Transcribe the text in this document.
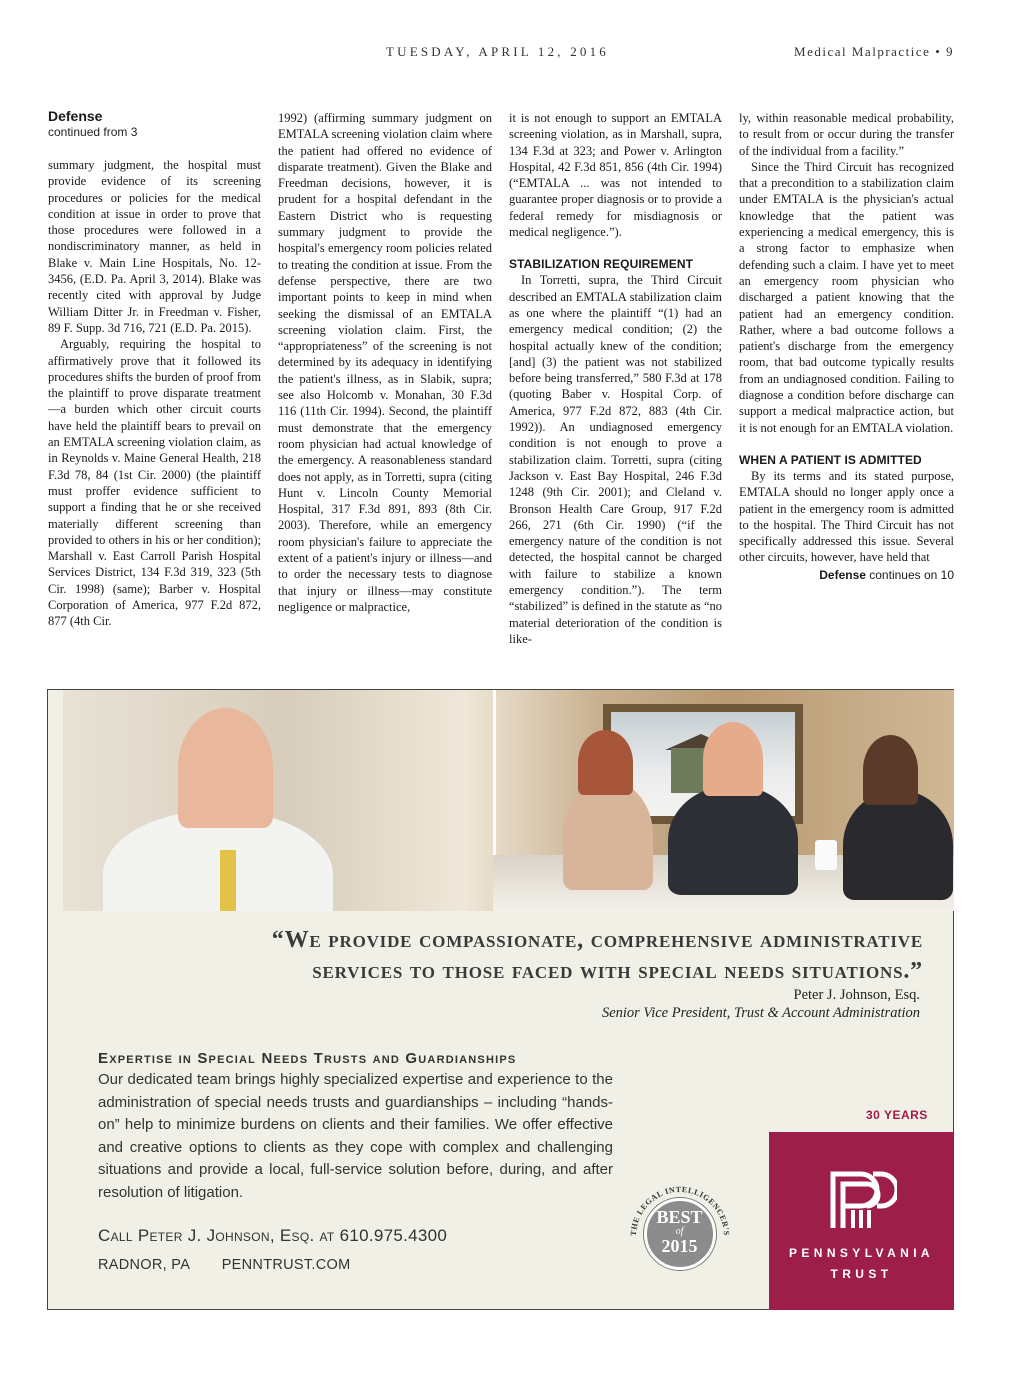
TUESDAY, APRIL 12, 2016	Medical Malpractice • 9
Defense
continued from 3

summary judgment, the hospital must provide evidence of its screening procedures or policies for the medical condition at issue in order to prove that those procedures were followed in a nondiscriminatory manner, as held in Blake v. Main Line Hospitals, No. 12-3456, (E.D. Pa. April 3, 2014). Blake was recently cited with approval by Judge William Ditter Jr. in Freedman v. Fisher, 89 F. Supp. 3d 716, 721 (E.D. Pa. 2015).

Arguably, requiring the hospital to affirmatively prove that it followed its procedures shifts the burden of proof from the plaintiff to prove disparate treatment—a burden which other circuit courts have held the plaintiff bears to prevail on an EMTALA screening violation claim, as in Reynolds v. Maine General Health, 218 F.3d 78, 84 (1st Cir. 2000) (the plaintiff must proffer evidence sufficient to support a finding that he or she received materially different screening than provided to others in his or her condition); Marshall v. East Carroll Parish Hospital Services District, 134 F.3d 319, 323 (5th Cir. 1998) (same); Barber v. Hospital Corporation of America, 977 F.2d 872, 877 (4th Cir.

1992) (affirming summary judgment on EMTALA screening violation claim where the patient had offered no evidence of disparate treatment). Given the Blake and Freedman decisions, however, it is prudent for a hospital defendant in the Eastern District who is requesting summary judgment to provide the hospital's emergency room policies related to treating the condition at issue. From the defense perspective, there are two important points to keep in mind when seeking the dismissal of an EMTALA screening violation claim. First, the “appropriateness” of the screening is not determined by its adequacy in identifying the patient's illness, as in Slabik, supra; see also Holcomb v. Monahan, 30 F.3d 116 (11th Cir. 1994). Second, the plaintiff must demonstrate that the emergency room physician had actual knowledge of the emergency. A reasonableness standard does not apply, as in Torretti, supra (citing Hunt v. Lincoln County Memorial Hospital, 317 F.3d 891, 893 (8th Cir. 2003). Therefore, while an emergency room physician's failure to appreciate the extent of a patient's injury or illness—and to order the necessary tests to diagnose that injury or illness—may constitute negligence or malpractice,

it is not enough to support an EMTALA screening violation, as in Marshall, supra, 134 F.3d at 323; and Power v. Arlington Hospital, 42 F.3d 851, 856 (4th Cir. 1994) (“EMTALA ... was not intended to guarantee proper diagnosis or to provide a federal remedy for misdiagnosis or medical negligence.”).

STABILIZATION REQUIREMENT

In Torretti, supra, the Third Circuit described an EMTALA stabilization claim as one where the plaintiff “(1) had an emergency medical condition; (2) the hospital actually knew of the condition; [and] (3) the patient was not stabilized before being transferred,” 580 F.3d at 178 (quoting Baber v. Hospital Corp. of America, 977 F.2d 872, 883 (4th Cir. 1992)). An undiagnosed emergency condition is not enough to prove a stabilization claim. Torretti, supra (citing Jackson v. East Bay Hospital, 246 F.3d 1248 (9th Cir. 2001); and Cleland v. Bronson Health Care Group, 917 F.2d 266, 271 (6th Cir. 1990) (“if the emergency nature of the condition is not detected, the hospital cannot be charged with failure to stabilize a known emergency condition.”). The term “stabilized” is defined in the statute as “no material deterioration of the condition is like-

ly, within reasonable medical probability, to result from or occur during the transfer of the individual from a facility.”

Since the Third Circuit has recognized that a precondition to a stabilization claim under EMTALA is the physician's actual knowledge that the patient was experiencing a medical emergency, this is a strong factor to emphasize when defending such a claim. I have yet to meet an emergency room physician who discharged a patient knowing that the patient had an emergency condition. Rather, where a bad outcome follows a patient's discharge from the emergency room, that bad outcome typically results from an undiagnosed condition. Failing to diagnose a condition before discharge can support a medical malpractice action, but it is not enough for an EMTALA violation.

WHEN A PATIENT IS ADMITTED

By its terms and its stated purpose, EMTALA should no longer apply once a patient in the emergency room is admitted to the hospital. The Third Circuit has not specifically addressed this issue. Several other circuits, however, have held that

Defense continues on 10
“We provide compassionate, comprehensive administrative
services to those faced with special needs situations.”
Peter J. Johnson, Esq.
Senior Vice President, Trust & Account Administration
Expertise in Special Needs Trusts and Guardianships
Our dedicated team brings highly specialized expertise and experience to the administration of special needs trusts and guardianships – including “hands-on” help to minimize burdens on clients and their families. We offer effective and creative options to clients as they cope with complex and challenging situations and provide a local, full-service solution before, during, and after resolution of litigation.
Call Peter J. Johnson, Esq. at 610.975.4300
RADNOR, PA PENNTRUST.COM
THE LEGAL INTELLIGENCER'S
BEST
of
2015
30 YEARS
PENNSYLVANIA
TRUST
